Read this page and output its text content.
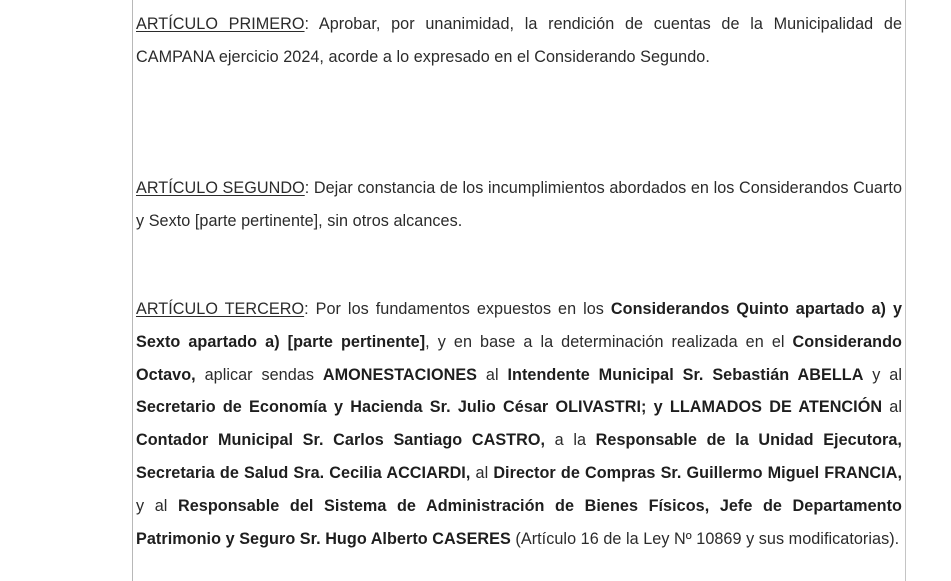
ARTÍCULO PRIMERO: Aprobar, por unanimidad, la rendición de cuentas de la Municipalidad de CAMPANA ejercicio 2024, acorde a lo expresado en el Considerando Segundo.

ARTÍCULO SEGUNDO: Dejar constancia de los incumplimientos abordados en los Considerandos Cuarto y Sexto [parte pertinente], sin otros alcances.

ARTÍCULO TERCERO: Por los fundamentos expuestos en los Considerandos Quinto apartado a) y Sexto apartado a) [parte pertinente], y en base a la determinación realizada en el Considerando Octavo, aplicar sendas AMONESTACIONES al Intendente Municipal Sr. Sebastián ABELLA y al Secretario de Economía y Hacienda Sr. Julio César OLIVASTRI; y LLAMADOS DE ATENCIÓN al Contador Municipal Sr. Carlos Santiago CASTRO, a la Responsable de la Unidad Ejecutora, Secretaria de Salud Sra. Cecilia ACCIARDI, al Director de Compras Sr. Guillermo Miguel FRANCIA, y al Responsable del Sistema de Administración de Bienes Físicos, Jefe de Departamento Patrimonio y Seguro Sr. Hugo Alberto CASERES (Artículo 16 de la Ley Nº 10869 y sus modificatorias).
